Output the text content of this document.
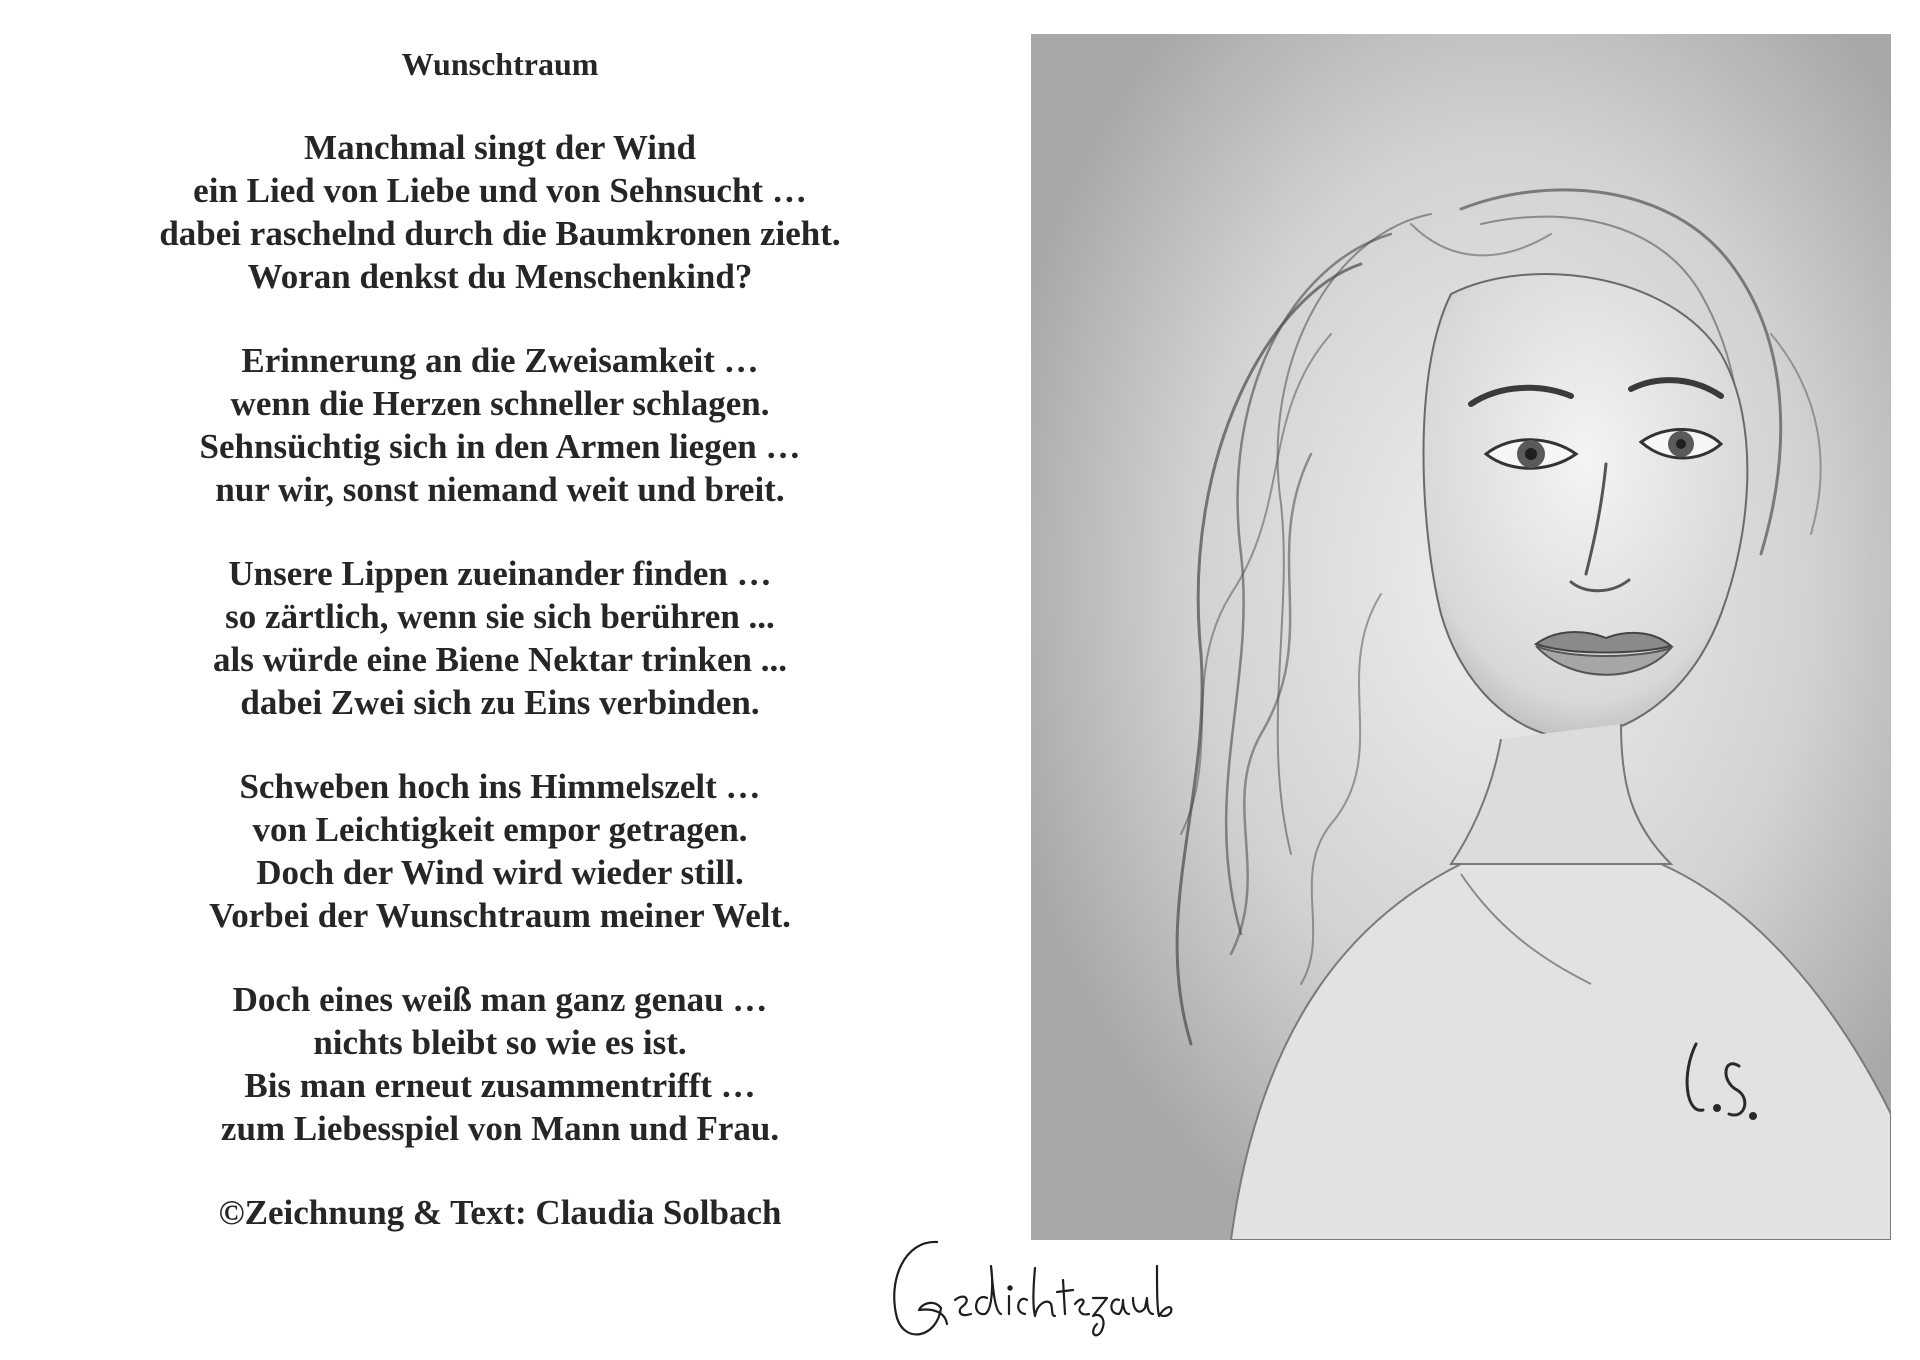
Wunschtraum
Manchmal singt der Wind
ein Lied von Liebe und von Sehnsucht …
dabei raschelnd durch die Baumkronen zieht.
Woran denkst du Menschenkind?
Erinnerung an die Zweisamkeit …
wenn die Herzen schneller schlagen.
Sehnsüchtig sich in den Armen liegen …
nur wir, sonst niemand weit und breit.
Unsere Lippen zueinander finden …
so zärtlich, wenn sie sich berühren ...
als würde eine Biene Nektar trinken ...
dabei Zwei sich zu Eins verbinden.
Schweben hoch ins Himmelszelt …
von Leichtigkeit empor getragen.
Doch der Wind wird wieder still.
Vorbei der Wunschtraum meiner Welt.
Doch eines weiß man ganz genau …
nichts bleibt so wie es ist.
Bis man erneut zusammentrifft …
zum Liebesspiel von Mann und Frau.
©Zeichnung & Text: Claudia Solbach
